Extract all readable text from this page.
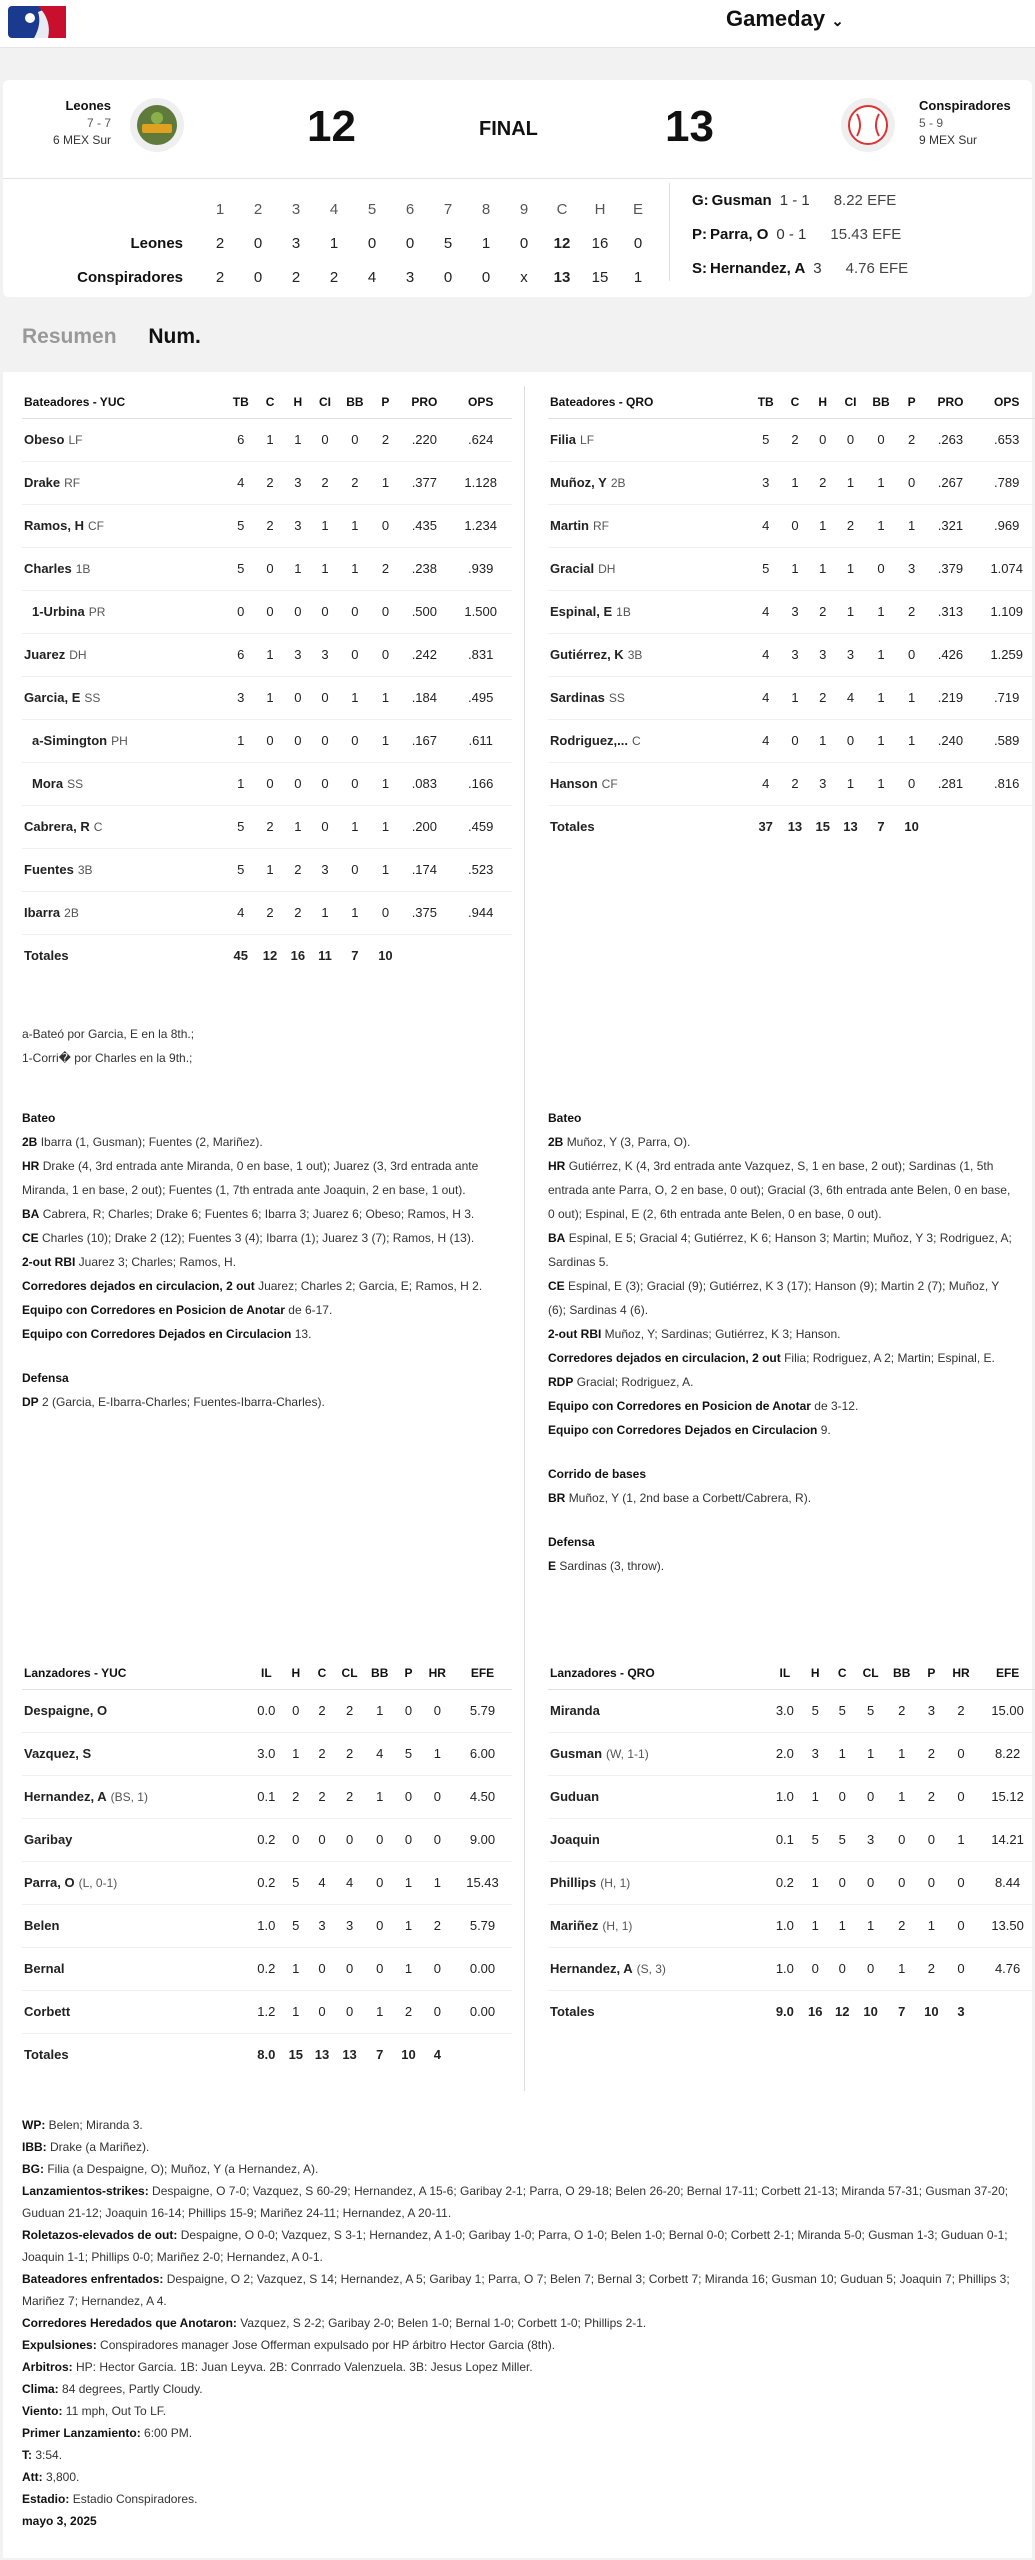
Gameday ⌄
Leones
7 - 7
6 MEX Sur	12	FINAL	13	Conspiradores
5 - 9
9 MEX Sur
1	2	3	4	5	6	7	8	9	C	H	E
Leones	2	0	3	1	0	0	5	1	0	12	16	0
Conspiradores	2	0	2	2	4	3	0	0	x	13	15	1
G: Gusman 1 - 1 8.22 EFE
P: Parra, O 0 - 1 15.43 EFE
S: Hernandez, A 3 4.76 EFE
Resumen Num.
Bateadores - YUC	TB	C	H	CI	BB	P	PRO	OPS
Obeso LF	6	1	1	0	0	2	.220	.624
Drake RF	4	2	3	2	2	1	.377	1.128
Ramos, H CF	5	2	3	1	1	0	.435	1.234
Charles 1B	5	0	1	1	1	2	.238	.939
1-Urbina PR	0	0	0	0	0	0	.500	1.500
Juarez DH	6	1	3	3	0	0	.242	.831
Garcia, E SS	3	1	0	0	1	1	.184	.495
a-Simington PH	1	0	0	0	0	1	.167	.611
Mora SS	1	0	0	0	0	1	.083	.166
Cabrera, R C	5	2	1	0	1	1	.200	.459
Fuentes 3B	5	1	2	3	0	1	.174	.523
Ibarra 2B	4	2	2	1	1	0	.375	.944
Totales	45	12	16	11	7	10		
a-Bateó por Garcia, E en la 8th.;
1-Corri� por Charles en la 9th.;
Bateo
2B Ibarra (1, Gusman); Fuentes (2, Mariñez).
HR Drake (4, 3rd entrada ante Miranda, 0 en base, 1 out); Juarez (3, 3rd entrada ante Miranda, 1 en base, 2 out); Fuentes (1, 7th entrada ante Joaquin, 2 en base, 1 out).
BA Cabrera, R; Charles; Drake 6; Fuentes 6; Ibarra 3; Juarez 6; Obeso; Ramos, H 3.
CE Charles (10); Drake 2 (12); Fuentes 3 (4); Ibarra (1); Juarez 3 (7); Ramos, H (13).
2-out RBI Juarez 3; Charles; Ramos, H.
Corredores dejados en circulacion, 2 out Juarez; Charles 2; Garcia, E; Ramos, H 2.
Equipo con Corredores en Posicion de Anotar de 6-17.
Equipo con Corredores Dejados en Circulacion 13.
Defensa
DP 2 (Garcia, E-Ibarra-Charles; Fuentes-Ibarra-Charles).
Lanzadores - YUC	IL	H	C	CL	BB	P	HR	EFE
Despaigne, O	0.0	0	2	2	1	0	0	5.79
Vazquez, S	3.0	1	2	2	4	5	1	6.00
Hernandez, A (BS, 1)	0.1	2	2	2	1	0	0	4.50
Garibay	0.2	0	0	0	0	0	0	9.00
Parra, O (L, 0-1)	0.2	5	4	4	0	1	1	15.43
Belen	1.0	5	3	3	0	1	2	5.79
Bernal	0.2	1	0	0	0	1	0	0.00
Corbett	1.2	1	0	0	1	2	0	0.00
Totales	8.0	15	13	13	7	10	4	
Bateadores - QRO	TB	C	H	CI	BB	P	PRO	OPS
Filia LF	5	2	0	0	0	2	.263	.653
Muñoz, Y 2B	3	1	2	1	1	0	.267	.789
Martin RF	4	0	1	2	1	1	.321	.969
Gracial DH	5	1	1	1	0	3	.379	1.074
Espinal, E 1B	4	3	2	1	1	2	.313	1.109
Gutiérrez, K 3B	4	3	3	3	1	0	.426	1.259
Sardinas SS	4	1	2	4	1	1	.219	.719
Rodriguez,... C	4	0	1	0	1	1	.240	.589
Hanson CF	4	2	3	1	1	0	.281	.816
Totales	37	13	15	13	7	10		
Bateo
2B Muñoz, Y (3, Parra, O).
HR Gutiérrez, K (4, 3rd entrada ante Vazquez, S, 1 en base, 2 out); Sardinas (1, 5th entrada ante Parra, O, 2 en base, 0 out); Gracial (3, 6th entrada ante Belen, 0 en base, 0 out); Espinal, E (2, 6th entrada ante Belen, 0 en base, 0 out).
BA Espinal, E 5; Gracial 4; Gutiérrez, K 6; Hanson 3; Martin; Muñoz, Y 3; Rodriguez, A; Sardinas 5.
CE Espinal, E (3); Gracial (9); Gutiérrez, K 3 (17); Hanson (9); Martin 2 (7); Muñoz, Y (6); Sardinas 4 (6).
2-out RBI Muñoz, Y; Sardinas; Gutiérrez, K 3; Hanson.
Corredores dejados en circulacion, 2 out Filia; Rodriguez, A 2; Martin; Espinal, E.
RDP Gracial; Rodriguez, A.
Equipo con Corredores en Posicion de Anotar de 3-12.
Equipo con Corredores Dejados en Circulacion 9.
Corrido de bases
BR Muñoz, Y (1, 2nd base a Corbett/Cabrera, R).
Defensa
E Sardinas (3, throw).
Lanzadores - QRO	IL	H	C	CL	BB	P	HR	EFE
Miranda	3.0	5	5	5	2	3	2	15.00
Gusman (W, 1-1)	2.0	3	1	1	1	2	0	8.22
Guduan	1.0	1	0	0	1	2	0	15.12
Joaquin	0.1	5	5	3	0	0	1	14.21
Phillips (H, 1)	0.2	1	0	0	0	0	0	8.44
Mariñez (H, 1)	1.0	1	1	1	2	1	0	13.50
Hernandez, A (S, 3)	1.0	0	0	0	1	2	0	4.76
Totales	9.0	16	12	10	7	10	3	
WP: Belen; Miranda 3.
IBB: Drake (a Mariñez).
BG: Filia (a Despaigne, O); Muñoz, Y (a Hernandez, A).
Lanzamientos-strikes: Despaigne, O 7-0; Vazquez, S 60-29; Hernandez, A 15-6; Garibay 2-1; Parra, O 29-18; Belen 26-20; Bernal 17-11; Corbett 21-13; Miranda 57-31; Gusman 37-20; Guduan 21-12; Joaquin 16-14; Phillips 15-9; Mariñez 24-11; Hernandez, A 20-11.
Roletazos-elevados de out: Despaigne, O 0-0; Vazquez, S 3-1; Hernandez, A 1-0; Garibay 1-0; Parra, O 1-0; Belen 1-0; Bernal 0-0; Corbett 2-1; Miranda 5-0; Gusman 1-3; Guduan 0-1; Joaquin 1-1; Phillips 0-0; Mariñez 2-0; Hernandez, A 0-1.
Bateadores enfrentados: Despaigne, O 2; Vazquez, S 14; Hernandez, A 5; Garibay 1; Parra, O 7; Belen 7; Bernal 3; Corbett 7; Miranda 16; Gusman 10; Guduan 5; Joaquin 7; Phillips 3; Mariñez 7; Hernandez, A 4.
Corredores Heredados que Anotaron: Vazquez, S 2-2; Garibay 2-0; Belen 1-0; Bernal 1-0; Corbett 1-0; Phillips 2-1.
Expulsiones: Conspiradores manager Jose Offerman expulsado por HP árbitro Hector Garcia (8th).
Arbitros: HP: Hector Garcia. 1B: Juan Leyva. 2B: Conrrado Valenzuela. 3B: Jesus Lopez Miller.
Clima: 84 degrees, Partly Cloudy.
Viento: 11 mph, Out To LF.
Primer Lanzamiento: 6:00 PM.
T: 3:54.
Att: 3,800.
Estadio: Estadio Conspiradores.
mayo 3, 2025
